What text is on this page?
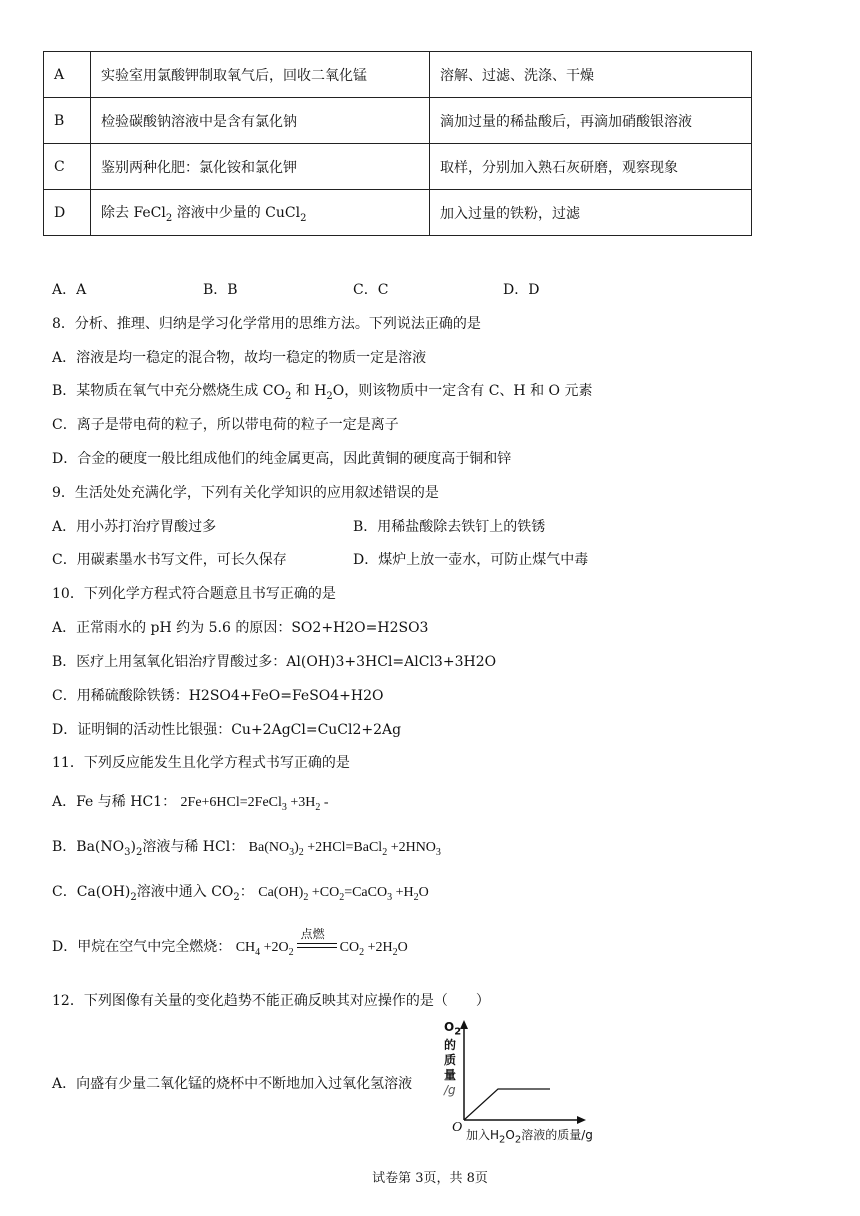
A	实验室用氯酸钾制取氧气后，回收二氧化锰	溶解、过滤、洗涤、干燥
B	检验碳酸钠溶液中是含有氯化钠	滴加过量的稀盐酸后，再滴加硝酸银溶液
C	鉴别两种化肥：氯化铵和氯化钾	取样，分别加入熟石灰研磨，观察现象
D	除去 FeCl$_2$ 溶液中少量的 CuCl$_2$	加入过量的铁粉，过滤
A．A	B．B	C．C	D．D
8．分析、推理、归纳是学习化学常用的思维方法。下列说法正确的是
A．溶液是均一稳定的混合物，故均一稳定的物质一定是溶液
B．某物质在氧气中充分燃烧生成 $CO_2$ 和 $H_2O$，则该物质中一定含有 C、H 和 O 元素
C．离子是带电荷的粒子，所以带电荷的粒子一定是离子
D．合金的硬度一般比组成他们的纯金属更高，因此黄铜的硬度高于铜和锌
9．生活处处充满化学，下列有关化学知识的应用叙述错误的是
A．用小苏打治疗胃酸过多	B．用稀盐酸除去铁钉上的铁锈
C．用碳素墨水书写文件，可长久保存	D．煤炉上放一壶水，可防止煤气中毒
10．下列化学方程式符合题意且书写正确的是
A．正常雨水的 pH 约为 5.6 的原因：SO2+H2O=H2SO3
B．医疗上用氢氧化铝治疗胃酸过多：Al(OH)3+3HCl=AlCl3+3H2O
C．用稀硫酸除铁锈：H2SO4+FeO=FeSO4+H2O
D．证明铜的活动性比银强：Cu+2AgCl=CuCl2+2Ag
11．下列反应能发生且化学方程式书写正确的是
A．Fe 与稀 HC1： 2Fe+6HCl=2FeCl$_3$ $+3H_2$ -
B．$Ba(NO_3)_2$溶液与稀 HCl： $Ba(NO_3)_2$ +2HCl=BaCl$_2$ $+2HNO_3$
C．$Ca(OH)_2$溶液中通入 $CO_2$： $Ca(OH)_2$ $+CO_2=CaCO_3 +H_2O$
D．甲烷在空气中完全燃烧： $CH_4 +2O_2$
点燃
$CO_2 +2H_2O$
12．下列图像有关量的变化趋势不能正确反映其对应操作的是（　　）
A．向盛有少量二氧化锰的烧杯中不断地加入过氧化氢溶液
$O_2$
的
质
量
/g
O 加入$H_2O_2$溶液的质量/g
试卷第 3页，共 8页
